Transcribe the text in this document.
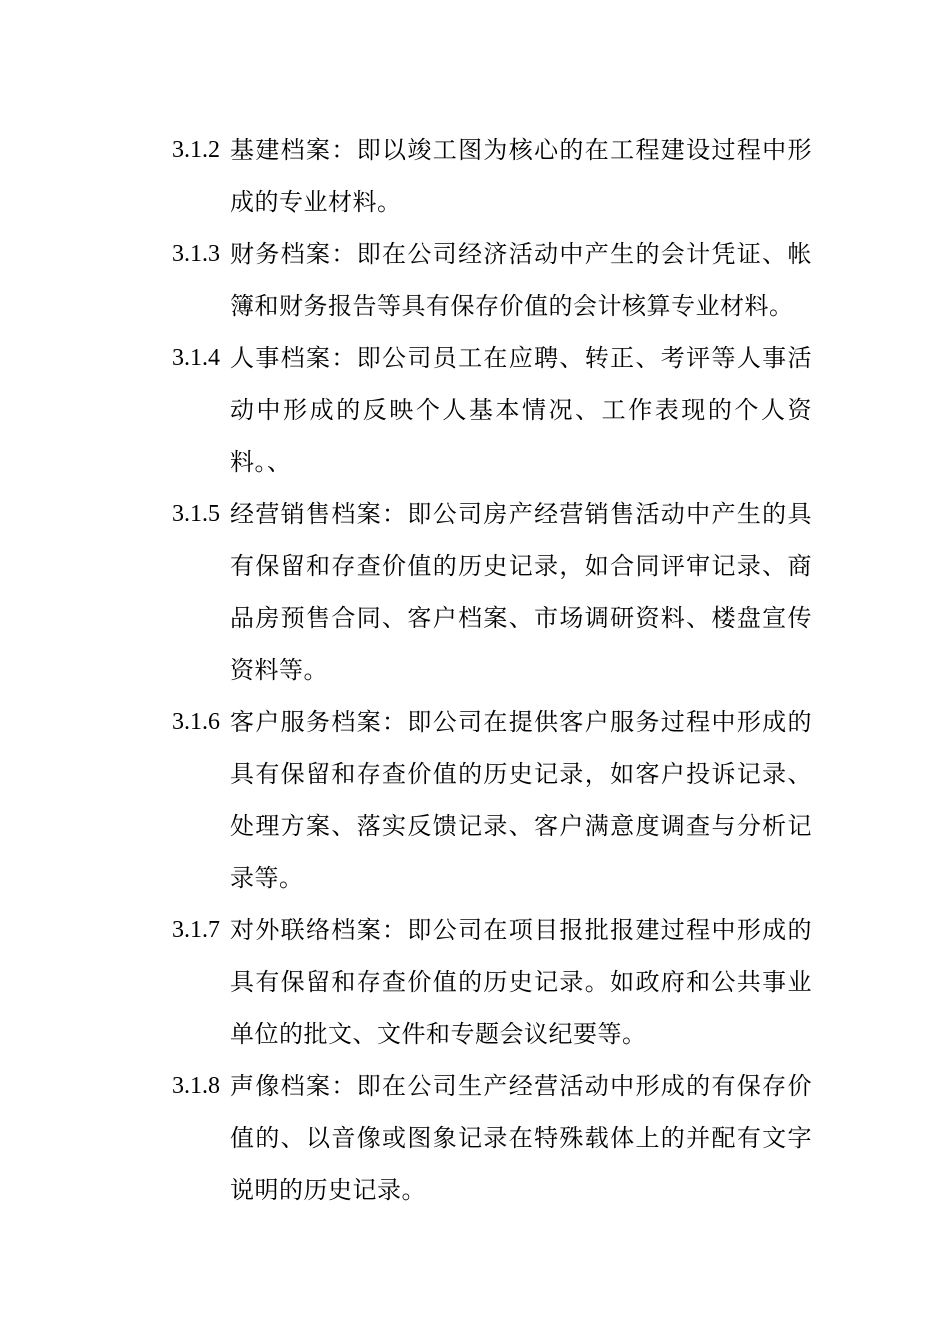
3.1.2 基建档案：即以竣工图为核心的在工程建设过程中形成的专业材料。

3.1.3 财务档案：即在公司经济活动中产生的会计凭证、帐簿和财务报告等具有保存价值的会计核算专业材料。

3.1.4 人事档案：即公司员工在应聘、转正、考评等人事活动中形成的反映个人基本情况、工作表现的个人资料。、

3.1.5 经营销售档案：即公司房产经营销售活动中产生的具有保留和存查价值的历史记录，如合同评审记录、商品房预售合同、客户档案、市场调研资料、楼盘宣传资料等。

3.1.6 客户服务档案：即公司在提供客户服务过程中形成的具有保留和存查价值的历史记录，如客户投诉记录、处理方案、落实反馈记录、客户满意度调查与分析记录等。

3.1.7 对外联络档案：即公司在项目报批报建过程中形成的具有保留和存查价值的历史记录。如政府和公共事业单位的批文、文件和专题会议纪要等。

3.1.8 声像档案：即在公司生产经营活动中形成的有保存价值的、以音像或图象记录在特殊载体上的并配有文字说明的历史记录。
